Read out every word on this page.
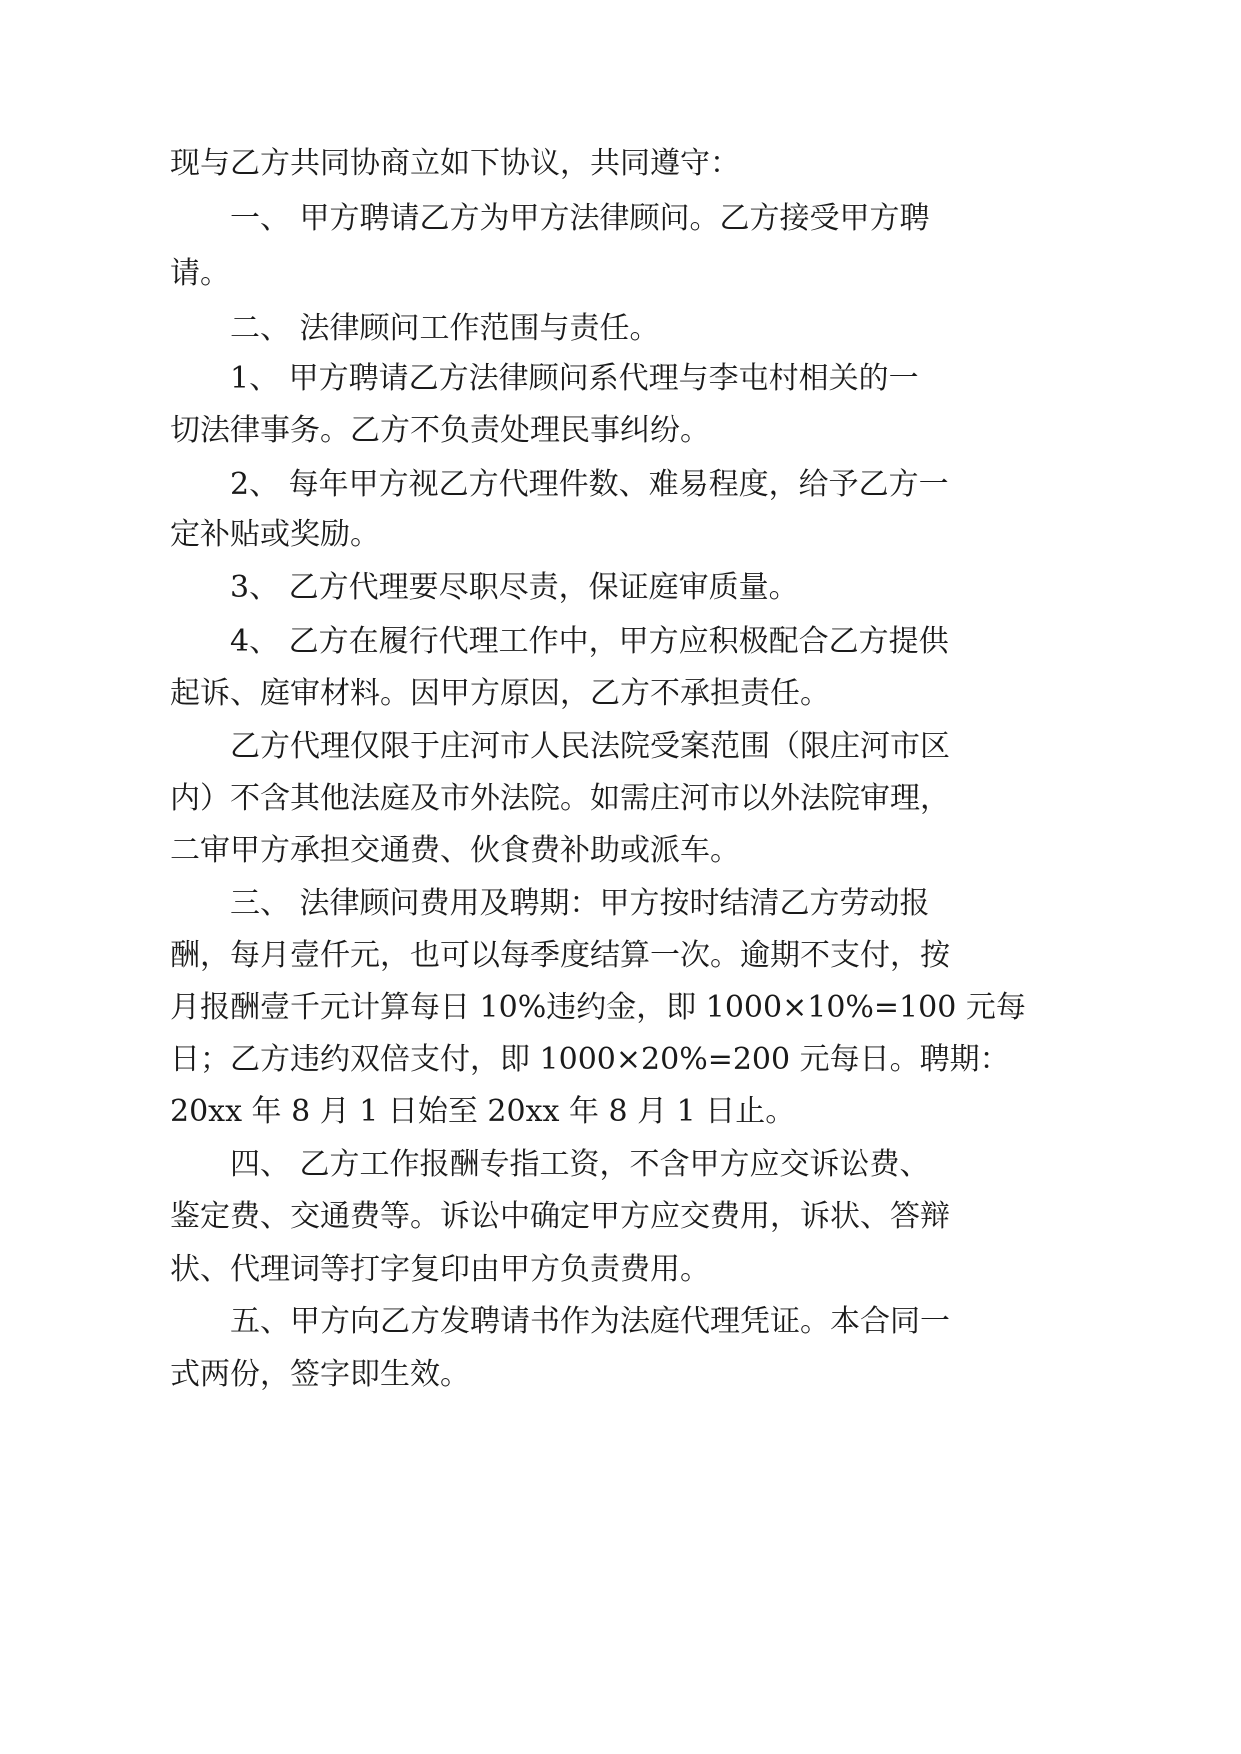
现与乙方共同协商立如下协议，共同遵守：

一、 甲方聘请乙方为甲方法律顾问。乙方接受甲方聘

请。

二、 法律顾问工作范围与责任。

1、 甲方聘请乙方法律顾问系代理与李屯村相关的一

切法律事务。乙方不负责处理民事纠纷。

2、 每年甲方视乙方代理件数、难易程度，给予乙方一

定补贴或奖励。

3、 乙方代理要尽职尽责，保证庭审质量。

4、 乙方在履行代理工作中，甲方应积极配合乙方提供

起诉、庭审材料。因甲方原因，乙方不承担责任。

乙方代理仅限于庄河市人民法院受案范围（限庄河市区

内）不含其他法庭及市外法院。如需庄河市以外法院审理，

二审甲方承担交通费、伙食费补助或派车。

三、 法律顾问费用及聘期：甲方按时结清乙方劳动报

酬，每月壹仟元，也可以每季度结算一次。逾期不支付，按

月报酬壹千元计算每日 10%违约金，即 1000×10%=100 元每

日；乙方违约双倍支付，即 1000×20%=200 元每日。聘期：

20xx 年 8 月 1 日始至 20xx 年 8 月 1 日止。

四、 乙方工作报酬专指工资，不含甲方应交诉讼费、

鉴定费、交通费等。诉讼中确定甲方应交费用，诉状、答辩

状、代理词等打字复印由甲方负责费用。

五、甲方向乙方发聘请书作为法庭代理凭证。本合同一

式两份，签字即生效。
